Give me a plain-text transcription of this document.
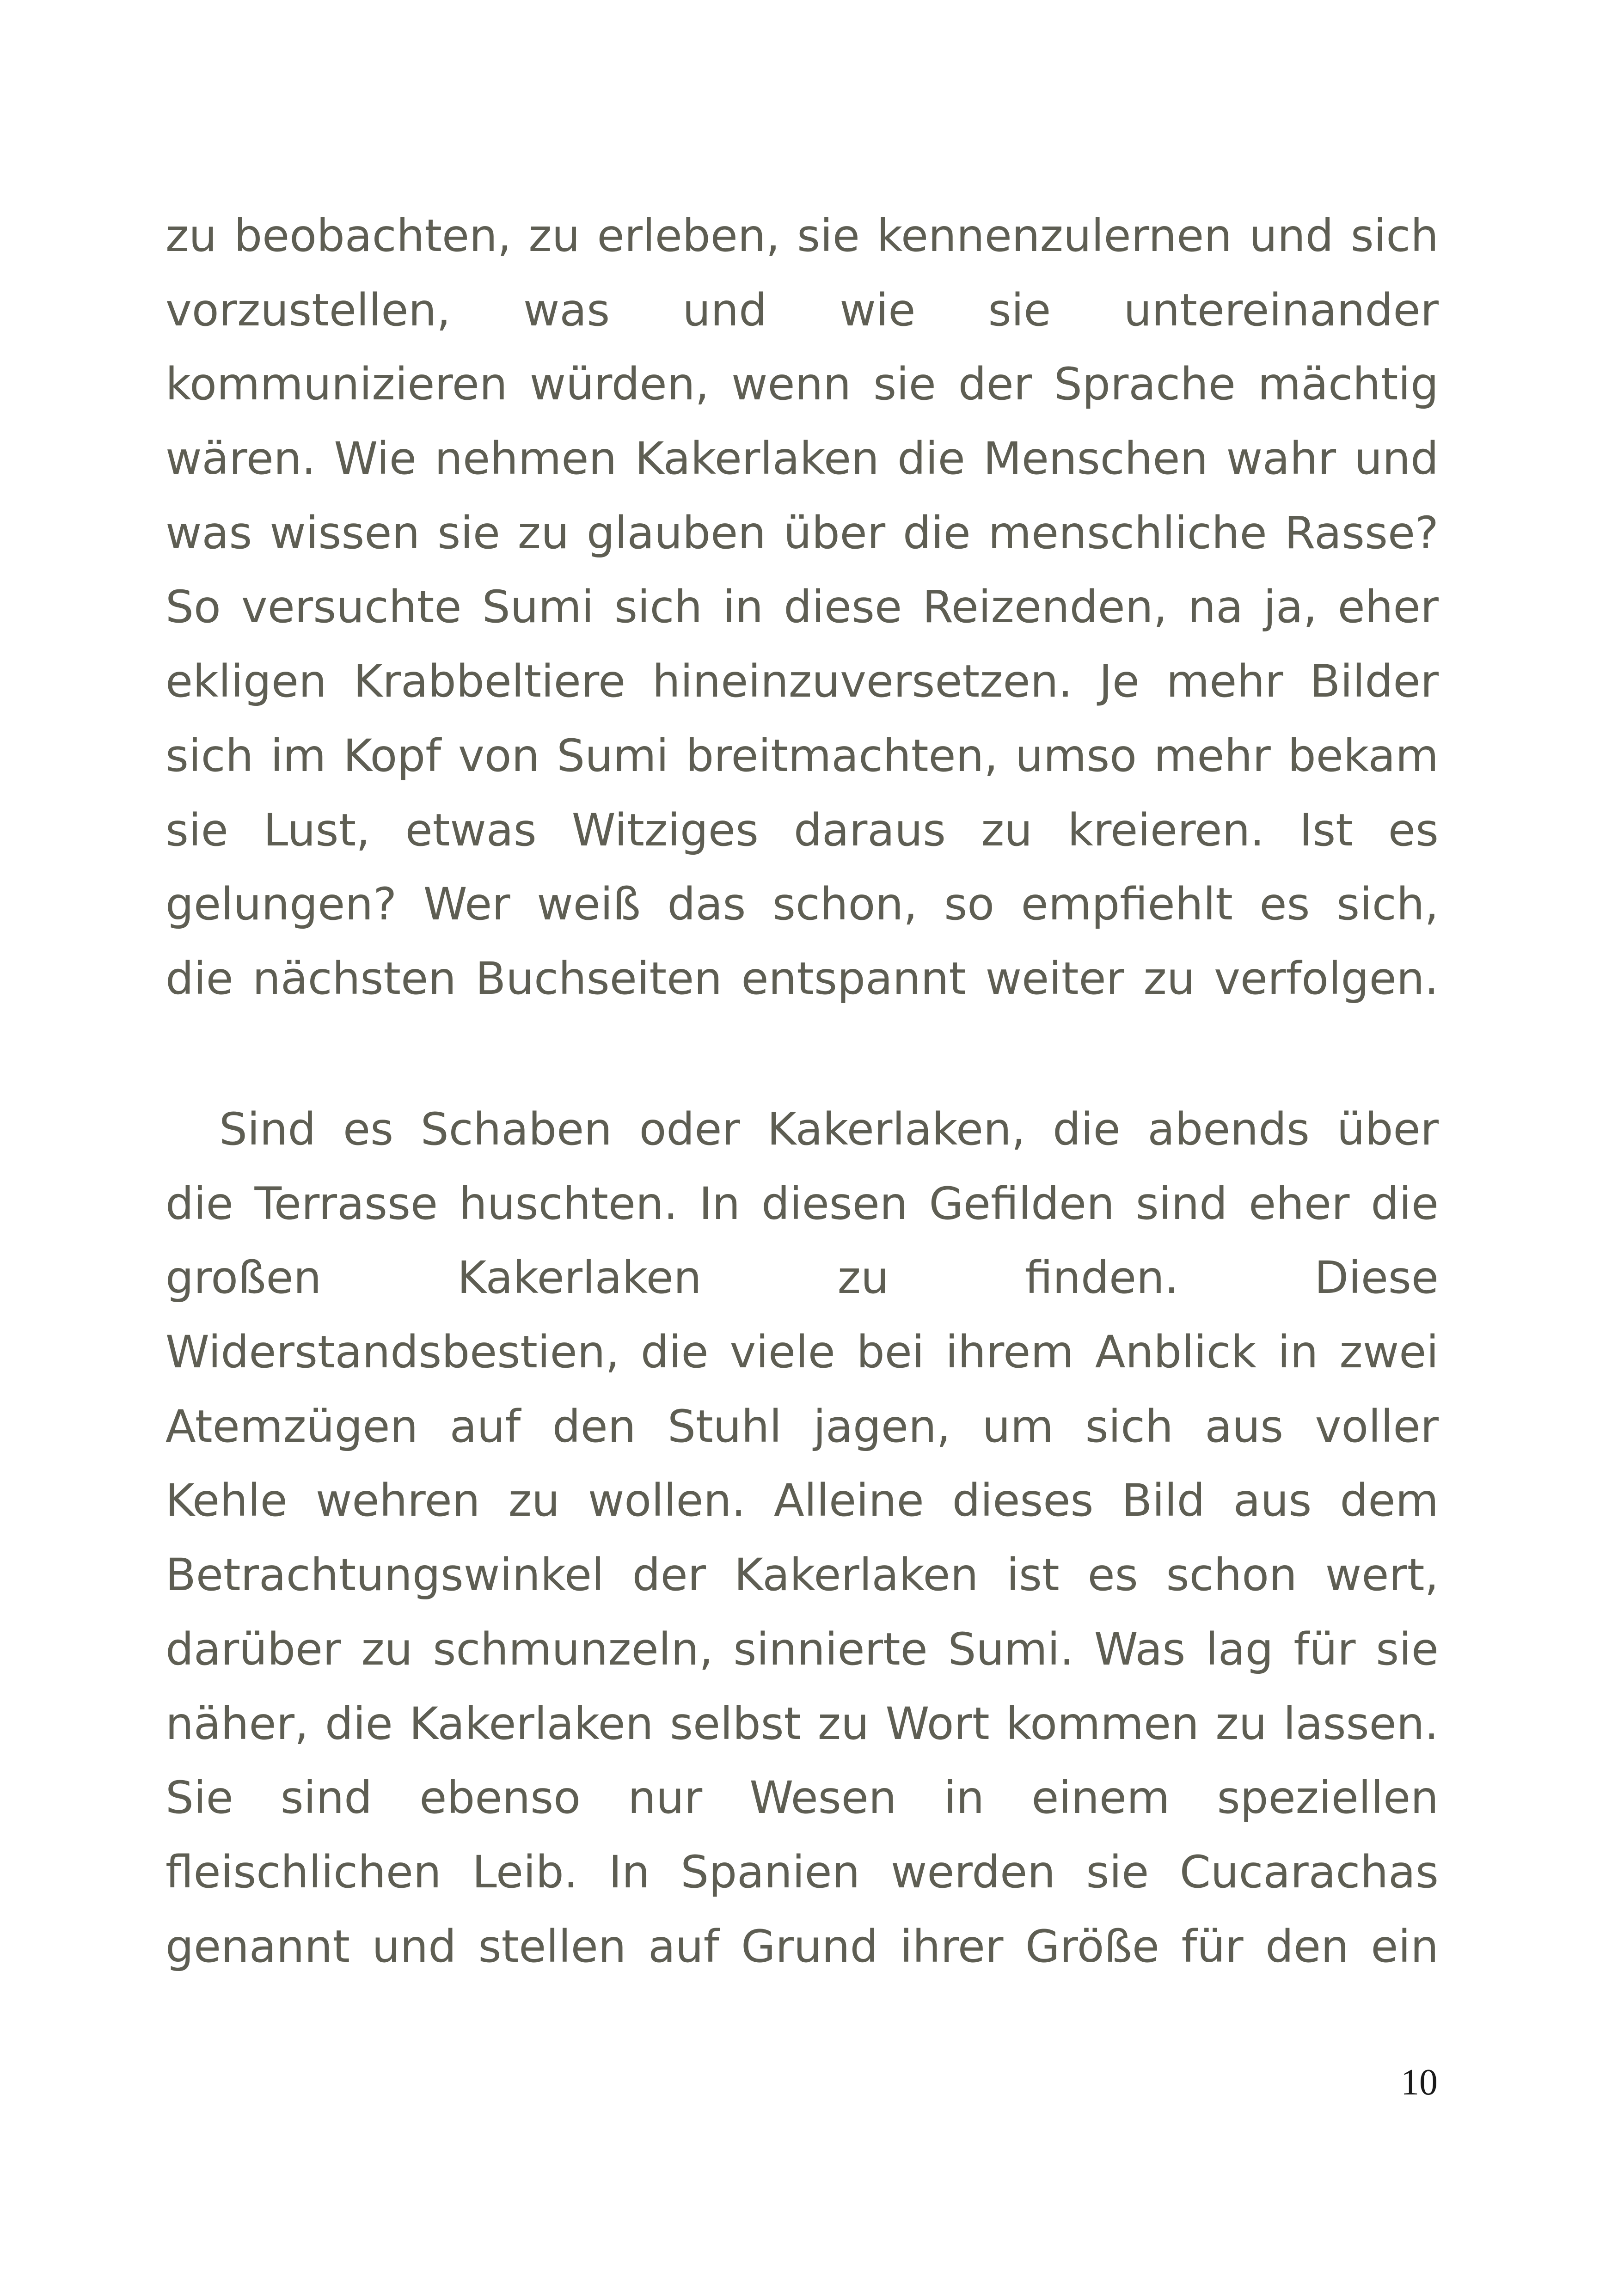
zu beobachten, zu erleben, sie kennenzulernen und sich
vorzustellen, was und wie sie untereinander
kommunizieren würden, wenn sie der Sprache mächtig
wären. Wie nehmen Kakerlaken die Menschen wahr und
was wissen sie zu glauben über die menschliche Rasse?
So versuchte Sumi sich in diese Reizenden, na ja, eher
ekligen Krabbeltiere hineinzuversetzen. Je mehr Bilder
sich im Kopf von Sumi breitmachten, umso mehr bekam
sie Lust, etwas Witziges daraus zu kreieren. Ist es
gelungen? Wer weiß das schon, so empfiehlt es sich,
die nächsten Buchseiten entspannt weiter zu verfolgen.
Sind es Schaben oder Kakerlaken, die abends über
die Terrasse huschten. In diesen Gefilden sind eher die
großen Kakerlaken zu finden. Diese
Widerstandsbestien, die viele bei ihrem Anblick in zwei
Atemzügen auf den Stuhl jagen, um sich aus voller
Kehle wehren zu wollen. Alleine dieses Bild aus dem
Betrachtungswinkel der Kakerlaken ist es schon wert,
darüber zu schmunzeln, sinnierte Sumi. Was lag für sie
näher, die Kakerlaken selbst zu Wort kommen zu lassen.
Sie sind ebenso nur Wesen in einem speziellen
fleischlichen Leib. In Spanien werden sie Cucarachas
genannt und stellen auf Grund ihrer Größe für den ein
10
